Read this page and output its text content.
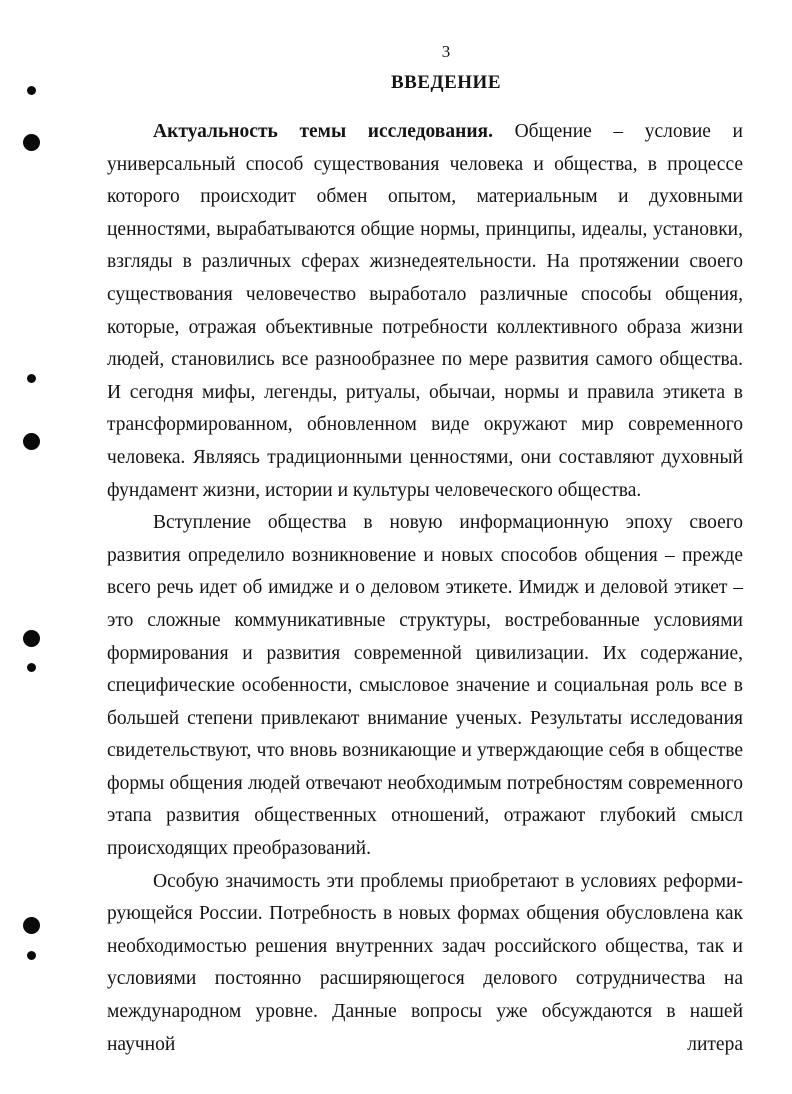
3
ВВЕДЕНИЕ

Актуальность темы исследования. Общение – условие и универсальный способ существования человека и общества, в процессе которого происходит обмен опытом, материальным и духовными ценностями, вырабатываются общие нормы, принципы, идеалы, установки, взгляды в различных сферах жизнедеятельности. На протяжении своего существования человечество выработало различные способы общения, которые, отражая объективные потребности коллективного образа жизни людей, становились все разнообразнее по мере развития самого общества. И сегодня мифы, легенды, ритуалы, обычаи, нормы и правила этикета в трансформированном, обновленном виде окружают мир современного человека. Являясь традиционными ценностями, они составляют духовный фундамент жизни, истории и культуры человеческого общества.

Вступление общества в новую информационную эпоху своего развития определило возникновение и новых способов общения – прежде всего речь идет об имидже и о деловом этикете. Имидж и деловой этикет – это сложные коммуникативные структуры, востребованные условиями формирования и развития современной цивилизации. Их содержание, специфические особенности, смысловое значение и социальная роль все в большей степени привлекают внимание ученых. Результаты исследования свидетельствуют, что вновь возникающие и утверждающие себя в обществе формы общения людей отвечают необходимым потребностям современного этапа развития общественных отношений, отражают глубокий смысл происходящих преобразований.

Особую значимость эти проблемы приобретают в условиях реформирующейся России. Потребность в новых формах общения обусловлена как необходимостью решения внутренних задач российского общества, так и условиями постоянно расширяющегося делового сотрудничества на международном уровне. Данные вопросы уже обсуждаются в нашей научной литера
